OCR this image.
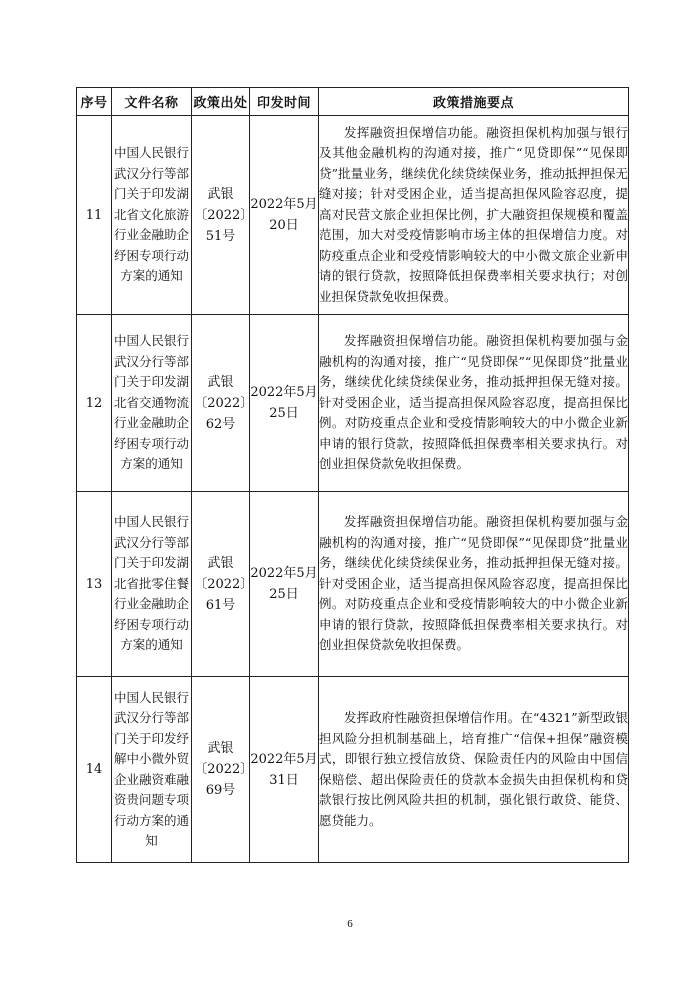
序号	文件名称	政策出处	印发时间	政策措施要点
11	中国人民银行武汉分行等部门关于印发湖北省文化旅游行业金融助企纾困专项行动方案的通知	武银〔2022〕51号	2022年5月20日	发挥融资担保增信功能。融资担保机构加强与银行及其他金融机构的沟通对接，推广“见贷即保”“见保即贷”批量业务，继续优化续贷续保业务，推动抵押担保无缝对接；针对受困企业，适当提高担保风险容忍度，提高对民营文旅企业担保比例，扩大融资担保规模和覆盖范围，加大对受疫情影响市场主体的担保增信力度。对防疫重点企业和受疫情影响较大的中小微文旅企业新申请的银行贷款，按照降低担保费率相关要求执行；对创业担保贷款免收担保费。
12	中国人民银行武汉分行等部门关于印发湖北省交通物流行业金融助企纾困专项行动方案的通知	武银〔2022〕62号	2022年5月25日	发挥融资担保增信功能。融资担保机构要加强与金融机构的沟通对接，推广“见贷即保”“见保即贷”批量业务，继续优化续贷续保业务，推动抵押担保无缝对接。针对受困企业，适当提高担保风险容忍度，提高担保比例。对防疫重点企业和受疫情影响较大的中小微企业新申请的银行贷款，按照降低担保费率相关要求执行。对创业担保贷款免收担保费。
13	中国人民银行武汉分行等部门关于印发湖北省批零住餐行业金融助企纾困专项行动方案的通知	武银〔2022〕61号	2022年5月25日	发挥融资担保增信功能。融资担保机构要加强与金融机构的沟通对接，推广“见贷即保”“见保即贷”批量业务，继续优化续贷续保业务，推动抵押担保无缝对接。针对受困企业，适当提高担保风险容忍度，提高担保比例。对防疫重点企业和受疫情影响较大的中小微企业新申请的银行贷款，按照降低担保费率相关要求执行。对创业担保贷款免收担保费。
14	中国人民银行武汉分行等部门关于印发纾解中小微外贸企业融资难融资贵问题专项行动方案的通知	武银〔2022〕69号	2022年5月31日	发挥政府性融资担保增信作用。在“4321”新型政银担风险分担机制基础上，培育推广“信保+担保”融资模式，即银行独立授信放贷、保险责任内的风险由中国信保赔偿、超出保险责任的贷款本金损失由担保机构和贷款银行按比例风险共担的机制，强化银行敢贷、能贷、愿贷能力。
6
